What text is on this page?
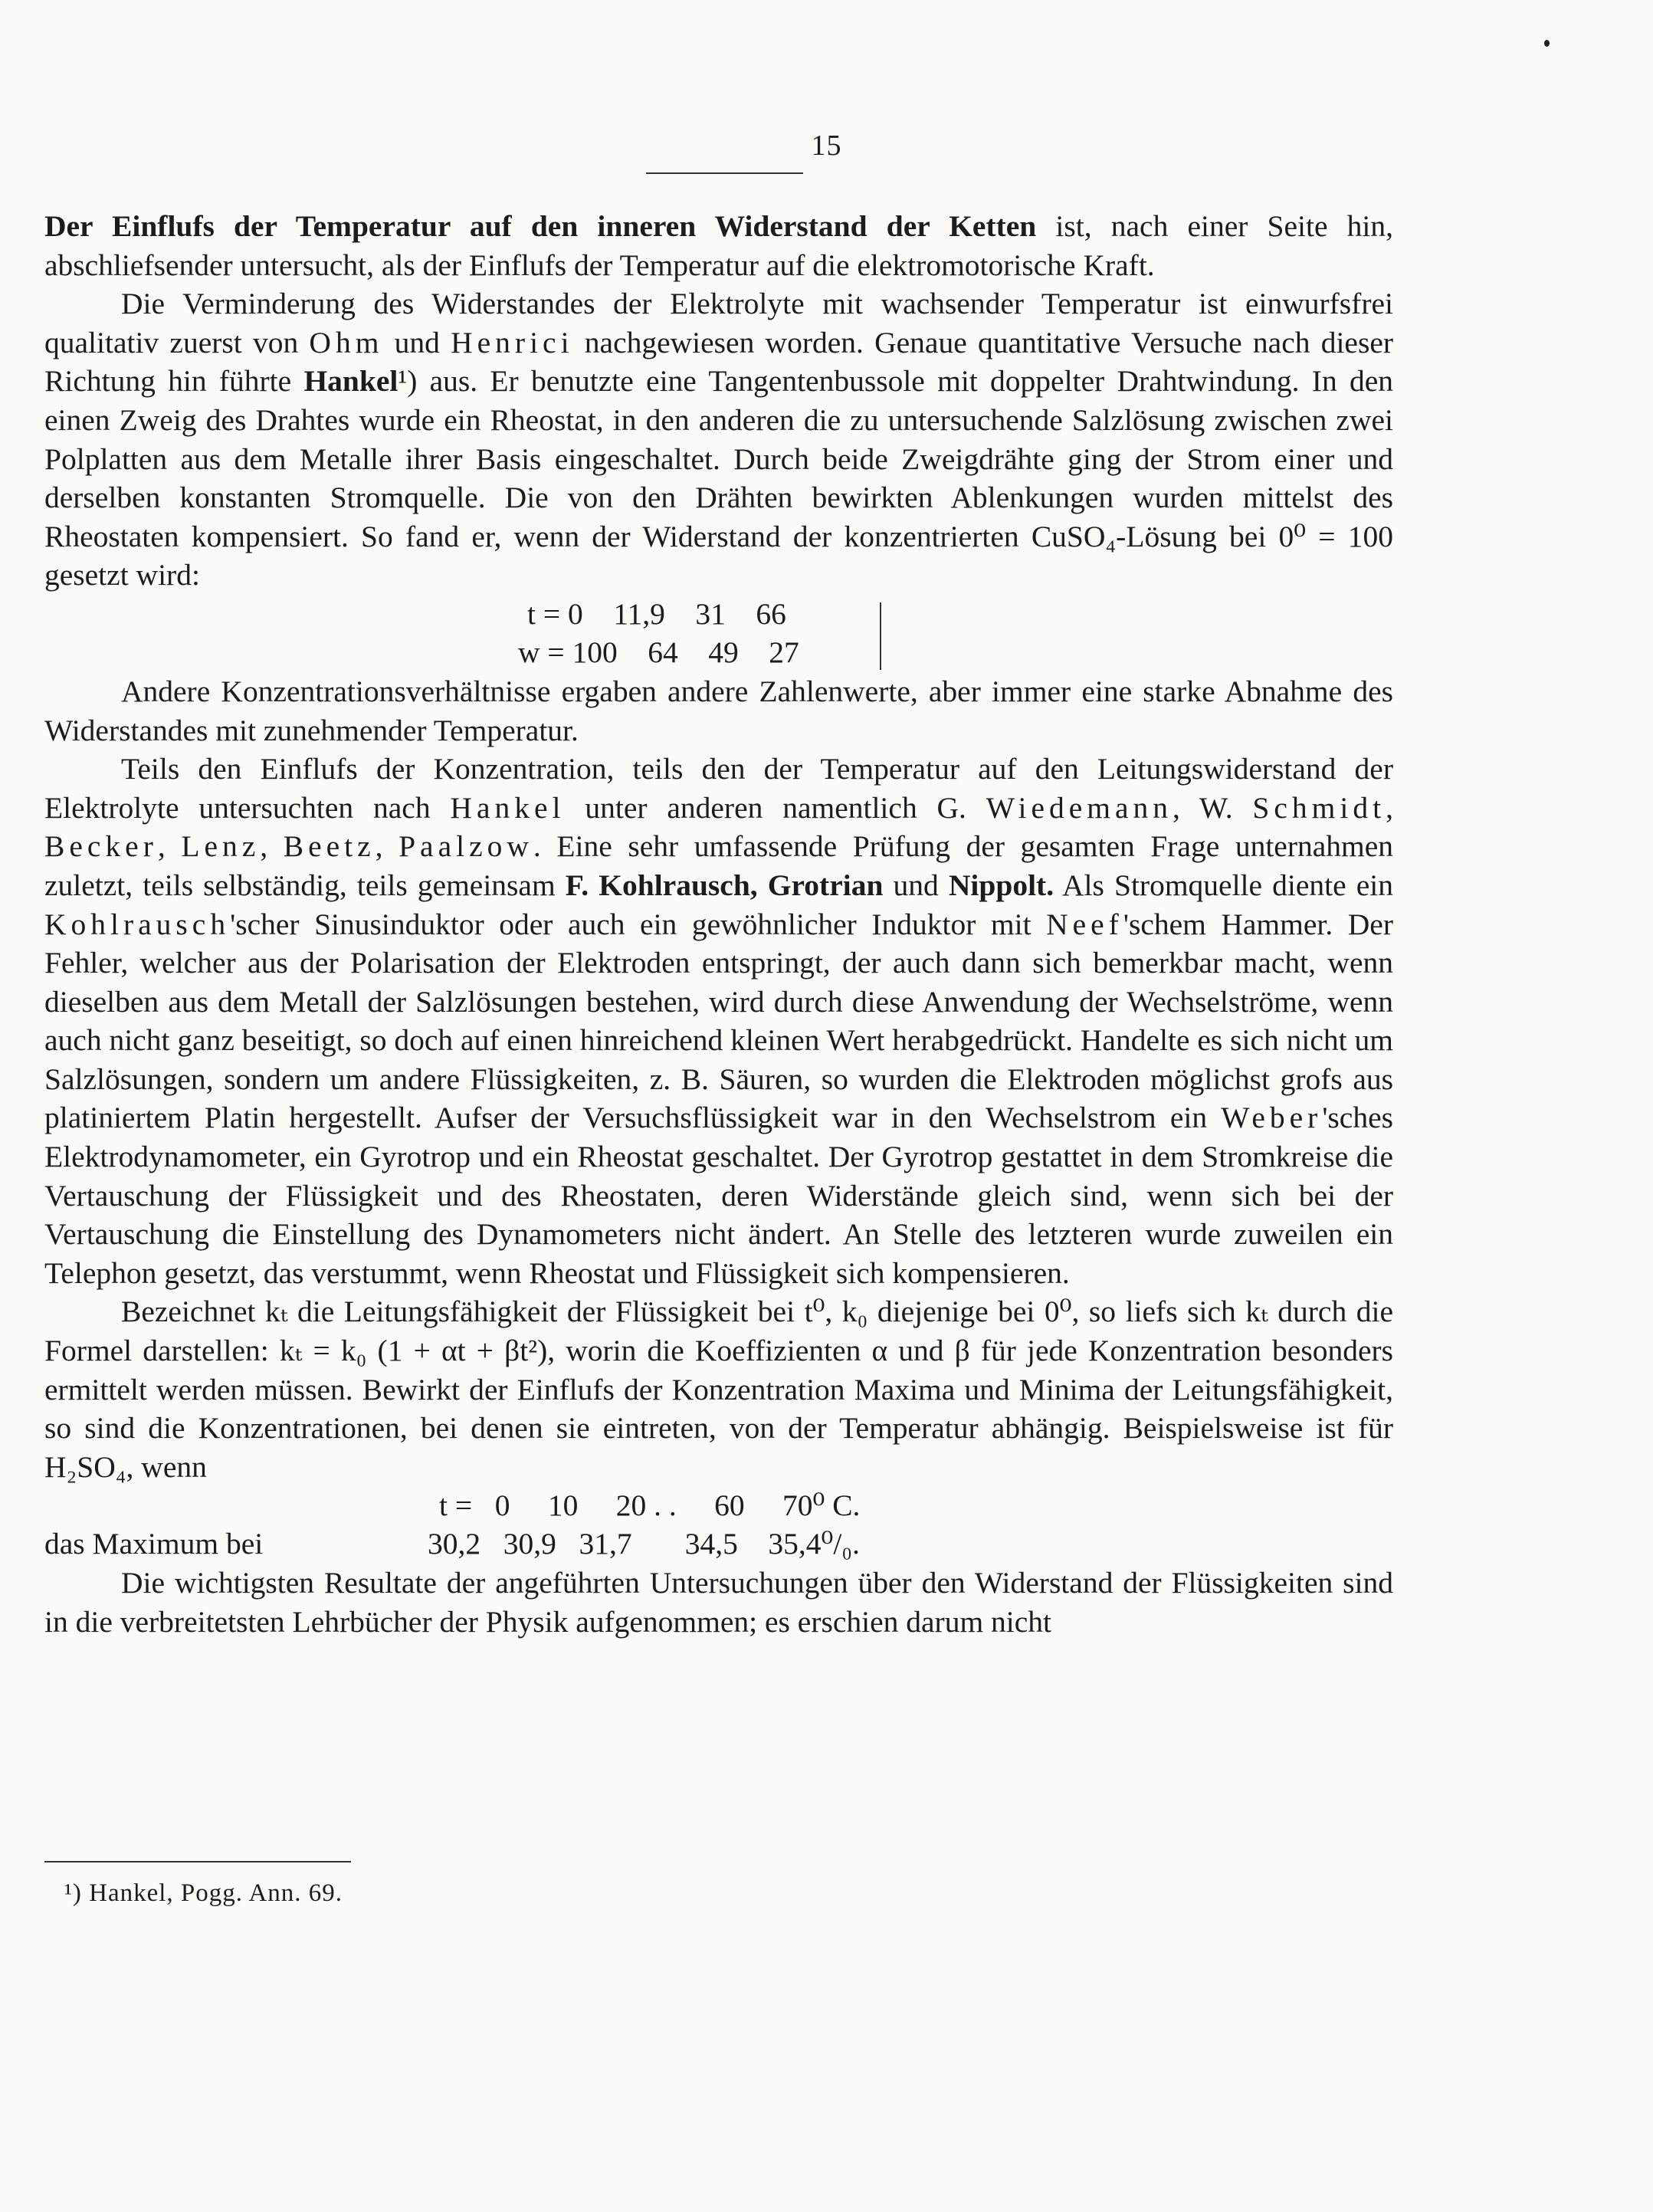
15

Der Einflufs der Temperatur auf den inneren Widerstand der Ketten ist, nach einer Seite hin, abschliefsender untersucht, als der Einflufs der Temperatur auf die elektromotorische Kraft.

Die Verminderung des Widerstandes der Elektrolyte mit wachsender Temperatur ist einwurfsfrei qualitativ zuerst von Ohm und Henrici nachgewiesen worden. Genaue quantitative Versuche nach dieser Richtung hin führte Hankel¹) aus. Er benutzte eine Tangentenbussole mit doppelter Drahtwindung. In den einen Zweig des Drahtes wurde ein Rheostat, in den anderen die zu untersuchende Salzlösung zwischen zwei Polplatten aus dem Metalle ihrer Basis eingeschaltet. Durch beide Zweigdrähte ging der Strom einer und derselben konstanten Stromquelle. Die von den Drähten bewirkten Ablenkungen wurden mittelst des Rheostaten kompensiert. So fand er, wenn der Widerstand der konzentrierten CuSO₄-Lösung bei 0⁰ = 100 gesetzt wird:

t = 0    11,9    31    66
w = 100    64    49    27

Andere Konzentrationsverhältnisse ergaben andere Zahlenwerte, aber immer eine starke Abnahme des Widerstandes mit zunehmender Temperatur.

Teils den Einflufs der Konzentration, teils den der Temperatur auf den Leitungswiderstand der Elektrolyte untersuchten nach Hankel unter anderen namentlich G. Wiedemann, W. Schmidt, Becker, Lenz, Beetz, Paalzow. Eine sehr umfassende Prüfung der gesamten Frage unternahmen zuletzt, teils selbständig, teils gemeinsam F. Kohlrausch, Grotrian und Nippolt. Als Stromquelle diente ein Kohlrausch'scher Sinusinduktor oder auch ein gewöhnlicher Induktor mit Neef'schem Hammer. Der Fehler, welcher aus der Polarisation der Elektroden entspringt, der auch dann sich bemerkbar macht, wenn dieselben aus dem Metall der Salzlösungen bestehen, wird durch diese Anwendung der Wechselströme, wenn auch nicht ganz beseitigt, so doch auf einen hinreichend kleinen Wert herabgedrückt. Handelte es sich nicht um Salzlösungen, sondern um andere Flüssigkeiten, z. B. Säuren, so wurden die Elektroden möglichst grofs aus platiniertem Platin hergestellt. Aufser der Versuchsflüssigkeit war in den Wechselstrom ein Weber'sches Elektrodynamometer, ein Gyrotrop und ein Rheostat geschaltet. Der Gyrotrop gestattet in dem Stromkreise die Vertauschung der Flüssigkeit und des Rheostaten, deren Widerstände gleich sind, wenn sich bei der Vertauschung die Einstellung des Dynamometers nicht ändert. An Stelle des letzteren wurde zuweilen ein Telephon gesetzt, das verstummt, wenn Rheostat und Flüssigkeit sich kompensieren.

Bezeichnet kₜ die Leitungsfähigkeit der Flüssigkeit bei t⁰, k₀ diejenige bei 0⁰, so liefs sich kₜ durch die Formel darstellen: kₜ = k₀ (1 + αt + βt²), worin die Koeffizienten α und β für jede Konzentration besonders ermittelt werden müssen. Bewirkt der Einflufs der Konzentration Maxima und Minima der Leitungsfähigkeit, so sind die Konzentrationen, bei denen sie eintreten, von der Temperatur abhängig. Beispielsweise ist für H₂SO₄, wenn

t =   0     10     20 . .     60     70⁰ C.
das Maximum bei	30,2   30,9   31,7       34,5    35,4⁰/₀.

Die wichtigsten Resultate der angeführten Untersuchungen über den Widerstand der Flüssigkeiten sind in die verbreitetsten Lehrbücher der Physik aufgenommen; es erschien darum nicht

¹) Hankel, Pogg. Ann. 69.
